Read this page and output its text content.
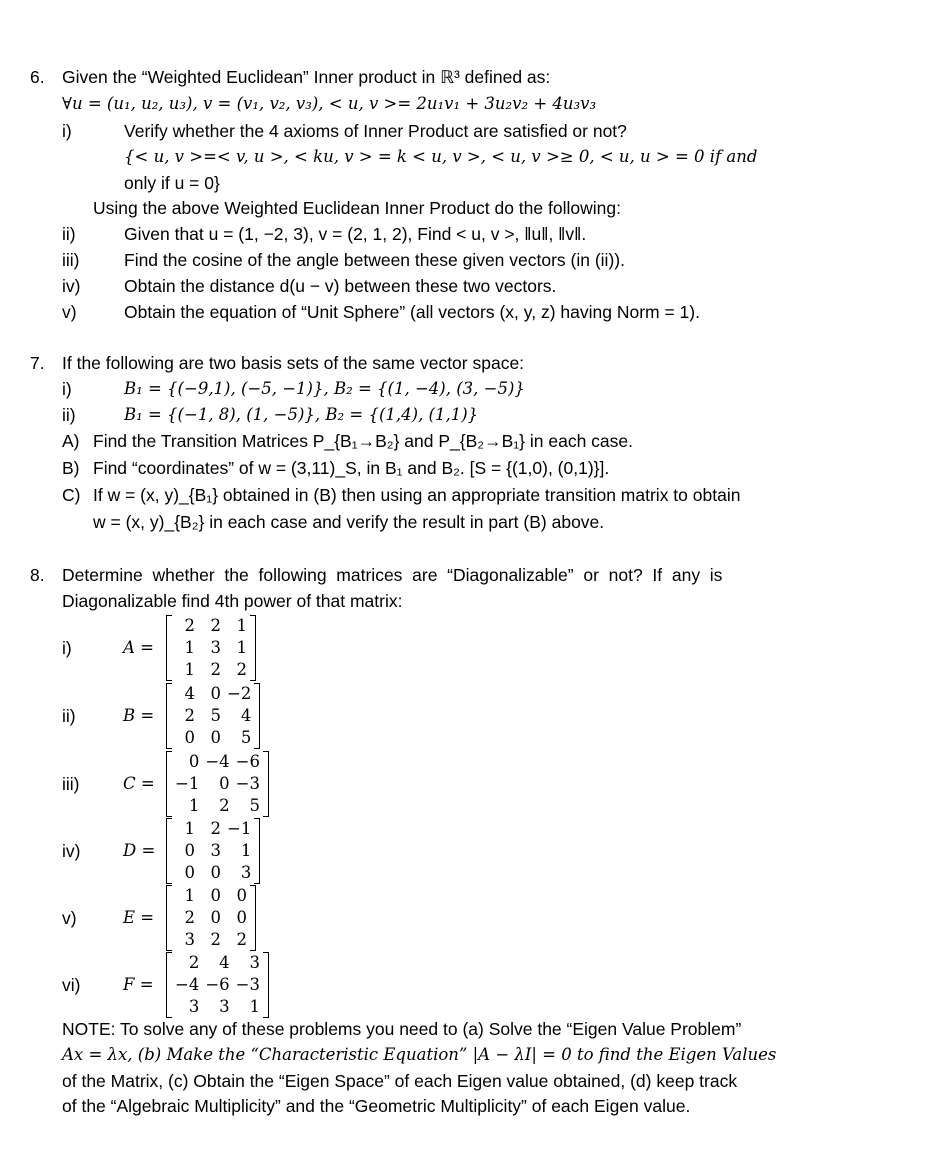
6. Given the “Weighted Euclidean” Inner product in ℝ³ defined as:
∀u = (u₁, u₂, u₃), v = (v₁, v₂, v₃), < u, v >= 2u₁v₁ + 3u₂v₂ + 4u₃v₃
i)	Verify whether the 4 axioms of Inner Product are satisfied or not?
{< u, v >=< v, u >, < ku, v > = k < u, v >, < u, v >≥ 0, < u, u > = 0 if and
only if u = 0}
Using the above Weighted Euclidean Inner Product do the following:
ii)	Given that u = (1, −2, 3), v = (2, 1, 2), Find < u, v >, ‖u‖, ‖v‖.
iii)	Find the cosine of the angle between these given vectors (in (ii)).
iv) Obtain the distance d(u − v) between these two vectors.
v)	Obtain the equation of “Unit Sphere” (all vectors (x, y, z) having Norm = 1).
7. If the following are two basis sets of the same vector space:
i)	B₁ = {(−9,1), (−5, −1)}, B₂ = {(1, −4), (3, −5)}
ii)	B₁ = {(−1, 8), (1, −5)}, B₂ = {(1,4), (1,1)}
A) Find the Transition Matrices P_{B₁→B₂} and P_{B₂→B₁} in each case.
B) Find “coordinates” of w = (3,11)_S, in B₁ and B₂. [S = {(1,0), (0,1)}].
C) If w = (x, y)_{B₁} obtained in (B) then using an appropriate transition matrix to obtain
w = (x, y)_{B₂} in each case and verify the result in part (B) above.
8. Determine  whether  the  following  matrices  are  “Diagonalizable”  or  not?  If  any  is
Diagonalizable find 4th power of that matrix:
i)	A =
2	2	1
1	3	1
1	2	2
ii)	B =
4	0	−2
2	5	4
0	0	5
iii)	C =
0	−4	−6
−1	0	−3
1	2	5
iv)	D =
1	2	−1
0	3	1
0	0	3
v)	E =
1	0	0
2	0	0
3	2	2
vi)	F =
2	4	3
−4	−6	−3
3	3	1
NOTE: To solve any of these problems you need to (a) Solve the “Eigen Value Problem”
Ax = λx, (b) Make the “Characteristic Equation” |A − λI| = 0 to find the Eigen Values
of the Matrix, (c) Obtain the “Eigen Space” of each Eigen value obtained, (d) keep track
of the “Algebraic Multiplicity” and the “Geometric Multiplicity” of each Eigen value.
